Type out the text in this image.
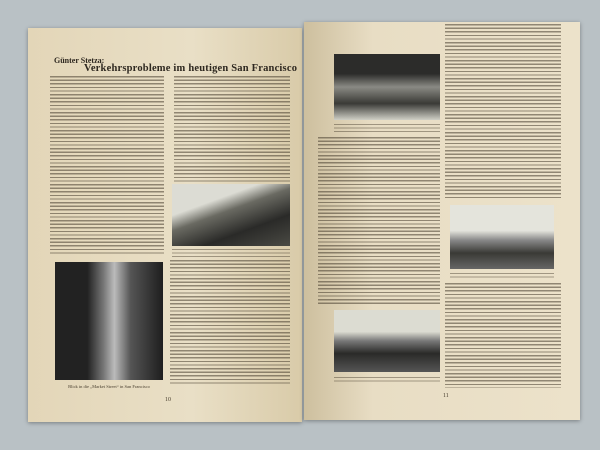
Günter Stetza:
Verkehrsprobleme im heutigen San Francisco
Blick in die „Market Street“ in San Francisco
10
11
